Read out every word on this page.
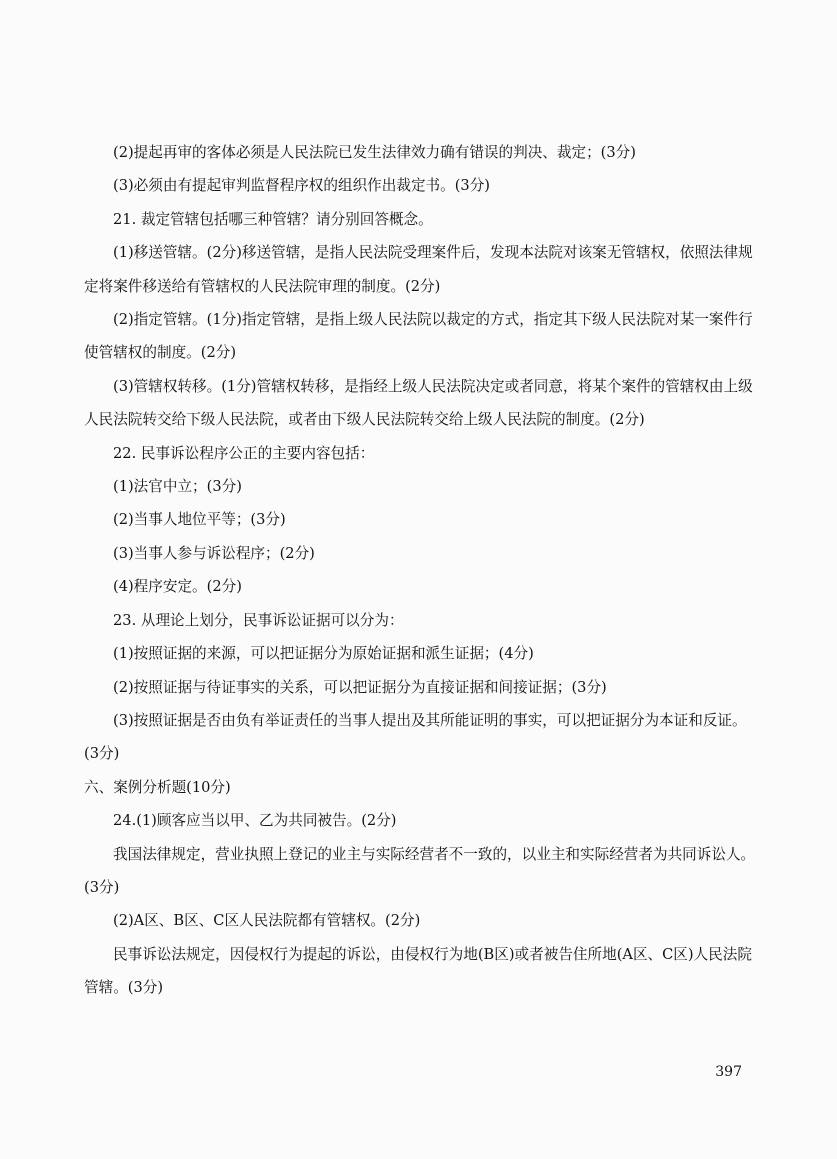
(2)提起再审的客体必须是人民法院已发生法律效力确有错误的判决、裁定；(3分)

(3)必须由有提起审判监督程序权的组织作出裁定书。(3分)

21. 裁定管辖包括哪三种管辖？请分别回答概念。

(1)移送管辖。(2分)移送管辖，是指人民法院受理案件后，发现本法院对该案无管辖权，依照法律规定将案件移送给有管辖权的人民法院审理的制度。(2分)

(2)指定管辖。(1分)指定管辖，是指上级人民法院以裁定的方式，指定其下级人民法院对某一案件行使管辖权的制度。(2分)

(3)管辖权转移。(1分)管辖权转移，是指经上级人民法院决定或者同意，将某个案件的管辖权由上级人民法院转交给下级人民法院，或者由下级人民法院转交给上级人民法院的制度。(2分)

22. 民事诉讼程序公正的主要内容包括：

(1)法官中立；(3分)

(2)当事人地位平等；(3分)

(3)当事人参与诉讼程序；(2分)

(4)程序安定。(2分)

23. 从理论上划分，民事诉讼证据可以分为：

(1)按照证据的来源，可以把证据分为原始证据和派生证据；(4分)

(2)按照证据与待证事实的关系，可以把证据分为直接证据和间接证据；(3分)

(3)按照证据是否由负有举证责任的当事人提出及其所能证明的事实，可以把证据分为本证和反证。(3分)

六、案例分析题(10分)

24.(1)顾客应当以甲、乙为共同被告。(2分)

我国法律规定，营业执照上登记的业主与实际经营者不一致的，以业主和实际经营者为共同诉讼人。(3分)

(2)A区、B区、C区人民法院都有管辖权。(2分)

民事诉讼法规定，因侵权行为提起的诉讼，由侵权行为地(B区)或者被告住所地(A区、C区)人民法院管辖。(3分)

397
